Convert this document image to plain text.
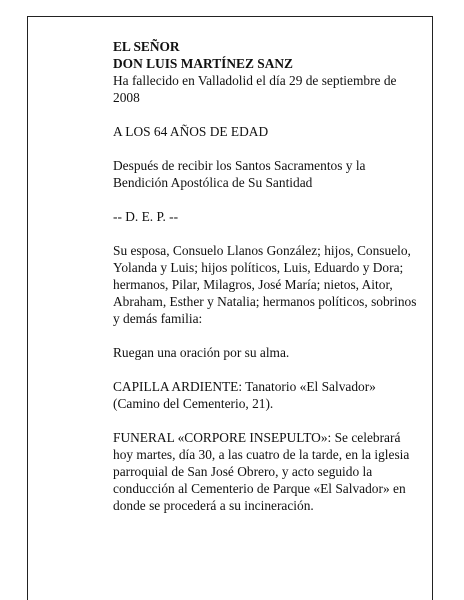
EL SEÑOR
DON LUIS MARTÍNEZ SANZ
Ha fallecido en Valladolid el día 29 de septiembre de 2008

A LOS 64 AÑOS DE EDAD

Después de recibir los Santos Sacramentos y la Bendición Apostólica de Su Santidad

-- D. E. P. --

Su esposa, Consuelo Llanos González; hijos, Consuelo, Yolanda y Luis; hijos políticos, Luis, Eduardo y Dora; hermanos, Pilar, Milagros, José María; nietos, Aitor, Abraham, Esther y Natalia; hermanos políticos, sobrinos y demás familia:

Ruegan una oración por su alma.

CAPILLA ARDIENTE: Tanatorio «El Salvador» (Camino del Cementerio, 21).

FUNERAL «CORPORE INSEPULTO»: Se celebrará hoy martes, día 30, a las cuatro de la tarde, en la iglesia parroquial de San José Obrero, y acto seguido la conducción al Cementerio de Parque «El Salvador» en donde se procederá a su incineración.
